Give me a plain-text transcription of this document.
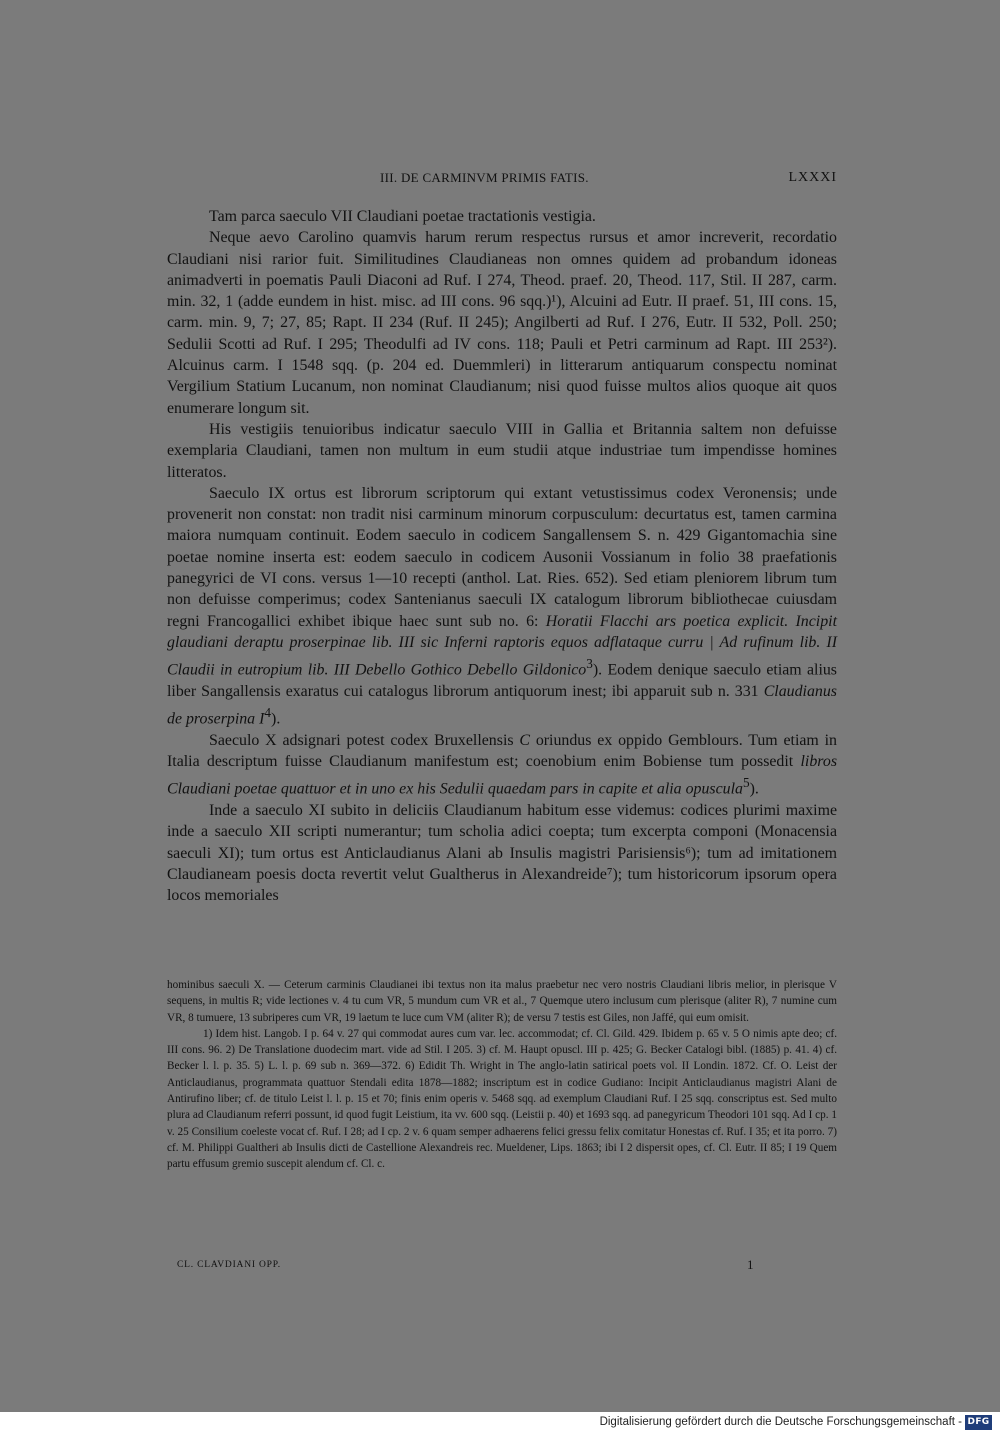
III. DE CARMINVM PRIMIS FATIS.	LXXXI

Tam parca saeculo VII Claudiani poetae tractationis vestigia.

Neque aevo Carolino quamvis harum rerum respectus rursus et amor increverit, recordatio Claudiani nisi rarior fuit. Similitudines Claudianeas non omnes quidem ad probandum idoneas animadverti in poematis Pauli Diaconi ad Ruf. I 274, Theod. praef. 20, Theod. 117, Stil. II 287, carm. min. 32, 1 (adde eundem in hist. misc. ad III cons. 96 sqq.)¹), Alcuini ad Eutr. II praef. 51, III cons. 15, carm. min. 9, 7; 27, 85; Rapt. II 234 (Ruf. II 245); Angilberti ad Ruf. I 276, Eutr. II 532, Poll. 250; Sedulii Scotti ad Ruf. I 295; Theodulfi ad IV cons. 118; Pauli et Petri carminum ad Rapt. III 253²). Alcuinus carm. I 1548 sqq. (p. 204 ed. Duemmleri) in litterarum antiquarum conspectu nominat Vergilium Statium Lucanum, non nominat Claudianum; nisi quod fuisse multos alios quoque ait quos enumerare longum sit.

His vestigiis tenuioribus indicatur saeculo VIII in Gallia et Britannia saltem non defuisse exemplaria Claudiani, tamen non multum in eum studii atque industriae tum impendisse homines litteratos.

Saeculo IX ortus est librorum scriptorum qui extant vetustissimus codex Veronensis; unde provenerit non constat: non tradit nisi carminum minorum corpusculum: decurtatus est, tamen carmina maiora numquam continuit. Eodem saeculo in codicem Sangallensem S. n. 429 Gigantomachia sine poetae nomine inserta est: eodem saeculo in codicem Ausonii Vossianum in folio 38 praefationis panegyrici de VI cons. versus 1—10 recepti (anthol. Lat. Ries. 652). Sed etiam pleniorem librum tum non defuisse comperimus; codex Santenianus saeculi IX catalogum librorum bibliothecae cuiusdam regni Francogallici exhibet ibique haec sunt sub no. 6: Horatii Flacchi ars poetica explicit. Incipit glaudiani deraptu proserpinae lib. III sic Inferni raptoris equos adflataque curru | Ad rufinum lib. II Claudii in eutropium lib. III Debello Gothico Debello Gildonico$^3$). Eodem denique saeculo etiam alius liber Sangallensis exaratus cui catalogus librorum antiquorum inest; ibi apparuit sub n. 331 Claudianus de proserpina $I^4$).

Saeculo X adsignari potest codex Bruxellensis C oriundus ex oppido Gemblours. Tum etiam in Italia descriptum fuisse Claudianum manifestum est; coenobium enim Bobiense tum possedit libros Claudiani poetae quattuor et in uno ex his Sedulii quaedam pars in capite et alia opuscula$^5$).

Inde a saeculo XI subito in deliciis Claudianum habitum esse videmus: codices plurimi maxime inde a saeculo XII scripti numerantur; tum scholia adici coepta; tum excerpta componi (Monacensia saeculi XI); tum ortus est Anticlaudianus Alani ab Insulis magistri Parisiensis⁶); tum ad imitationem Claudianeam poesis docta revertit velut Gualtherus in Alexandreide⁷); tum historicorum ipsorum opera locos memoriales

hominibus saeculi X. — Ceterum carminis Claudianei ibi textus non ita malus praebetur nec vero nostris Claudiani libris melior, in plerisque V sequens, in multis R; vide lectiones v. 4 tu cum VR, 5 mundum cum VR et al., 7 Quemque utero inclusum cum plerisque (aliter R), 7 numine cum VR, 8 tumuere, 13 subriperes cum VR, 19 laetum te luce cum VM (aliter R); de versu 7 testis est Giles, non Jaffé, qui eum omisit.

1) Idem hist. Langob. I p. 64 v. 27 qui commodat aures cum var. lec. accommodat; cf. Cl. Gild. 429. Ibidem p. 65 v. 5 O nimis apte deo; cf. III cons. 96. 2) De Translatione duodecim mart. vide ad Stil. I 205. 3) cf. M. Haupt opuscl. III p. 425; G. Becker Catalogi bibl. (1885) p. 41. 4) cf. Becker l. l. p. 35. 5) L. l. p. 69 sub n. 369—372. 6) Edidit Th. Wright in The anglo-latin satirical poets vol. II Londin. 1872. Cf. O. Leist der Anticlaudianus, programmata quattuor Stendali edita 1878—1882; inscriptum est in codice Gudiano: Incipit Anticlaudianus magistri Alani de Antirufino liber; cf. de titulo Leist l. l. p. 15 et 70; finis enim operis v. 5468 sqq. ad exemplum Claudiani Ruf. I 25 sqq. conscriptus est. Sed multo plura ad Claudianum referri possunt, id quod fugit Leistium, ita vv. 600 sqq. (Leistii p. 40) et 1693 sqq. ad panegyricum Theodori 101 sqq. Ad I cp. 1 v. 25 Consilium coeleste vocat cf. Ruf. I 28; ad I cp. 2 v. 6 quam semper adhaerens felici gressu felix comitatur Honestas cf. Ruf. I 35; et ita porro. 7) cf. M. Philippi Gualtheri ab Insulis dicti de Castellione Alexandreis rec. Mueldener, Lips. 1863; ibi I 2 dispersit opes, cf. Cl. Eutr. II 85; I 19 Quem partu effusum gremio suscepit alendum cf. Cl. c.

CL. CLAVDIANI OPP.	1
Digitalisierung gefördert durch die Deutsche Forschungsgemeinschaft - DFG
